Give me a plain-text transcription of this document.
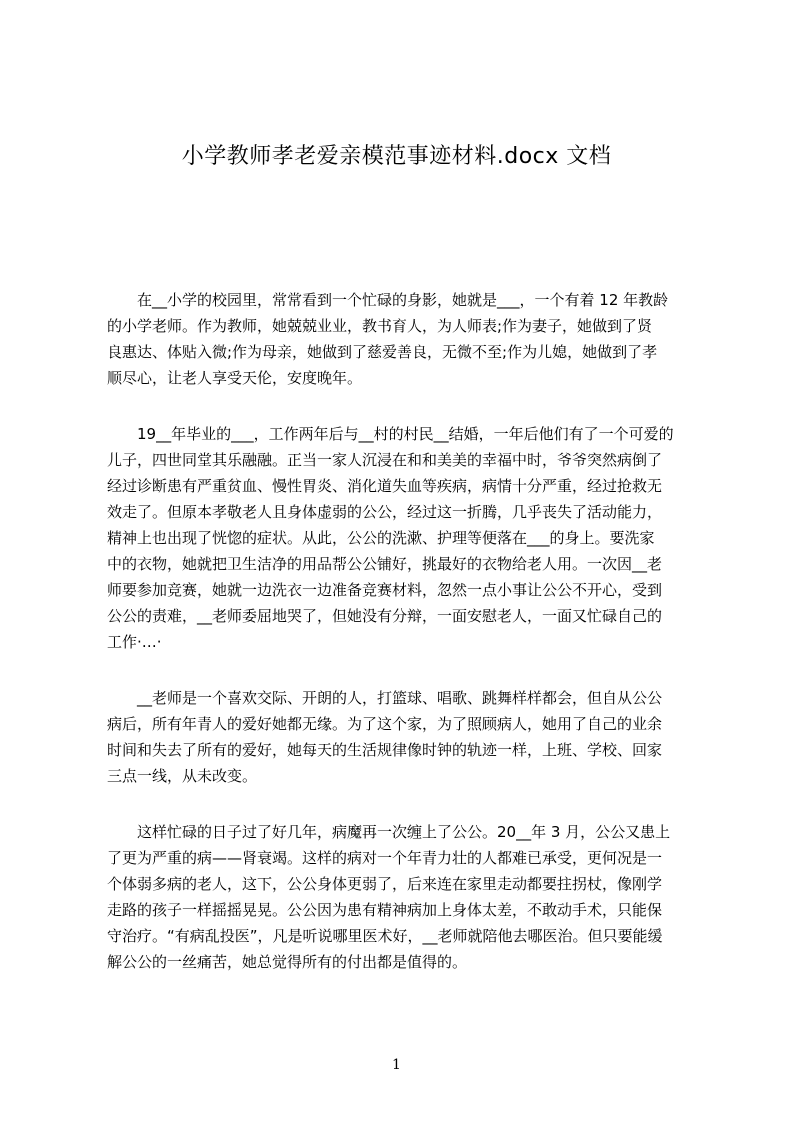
小学教师孝老爱亲模范事迹材料.docx 文档
　　在__小学的校园里，常常看到一个忙碌的身影，她就是___，一个有着 12 年教龄
的小学老师。作为教师，她兢兢业业，教书育人，为人师表;作为妻子，她做到了贤
良惠达、体贴入微;作为母亲，她做到了慈爱善良，无微不至;作为儿媳，她做到了孝
顺尽心，让老人享受天伦，安度晚年。
　　19__年毕业的___，工作两年后与__村的村民__结婚，一年后他们有了一个可爱的
儿子，四世同堂其乐融融。正当一家人沉浸在和和美美的幸福中时，爷爷突然病倒了
经过诊断患有严重贫血、慢性胃炎、消化道失血等疾病，病情十分严重，经过抢救无
效走了。但原本孝敬老人且身体虚弱的公公，经过这一折腾，几乎丧失了活动能力，
精神上也出现了恍惚的症状。从此，公公的洗漱、护理等便落在___的身上。要洗家
中的衣物，她就把卫生洁净的用品帮公公铺好，挑最好的衣物给老人用。一次因__老
师要参加竞赛，她就一边洗衣一边准备竞赛材料，忽然一点小事让公公不开心，受到
公公的责难，__老师委屈地哭了，但她没有分辩，一面安慰老人，一面又忙碌自己的
工作·…·
　　__老师是一个喜欢交际、开朗的人，打篮球、唱歌、跳舞样样都会，但自从公公
病后，所有年青人的爱好她都无缘。为了这个家，为了照顾病人，她用了自己的业余
时间和失去了所有的爱好，她每天的生活规律像时钟的轨迹一样，上班、学校、回家
三点一线，从未改变。
　　这样忙碌的日子过了好几年，病魔再一次缠上了公公。20__年 3 月，公公又患上
了更为严重的病——肾衰竭。这样的病对一个年青力壮的人都难已承受，更何况是一
个体弱多病的老人，这下，公公身体更弱了，后来连在家里走动都要拄拐杖，像刚学
走路的孩子一样摇摇晃晃。公公因为患有精神病加上身体太差，不敢动手术，只能保
守治疗。“有病乱投医”，凡是听说哪里医术好，__老师就陪他去哪医治。但只要能缓
解公公的一丝痛苦，她总觉得所有的付出都是值得的。
1
